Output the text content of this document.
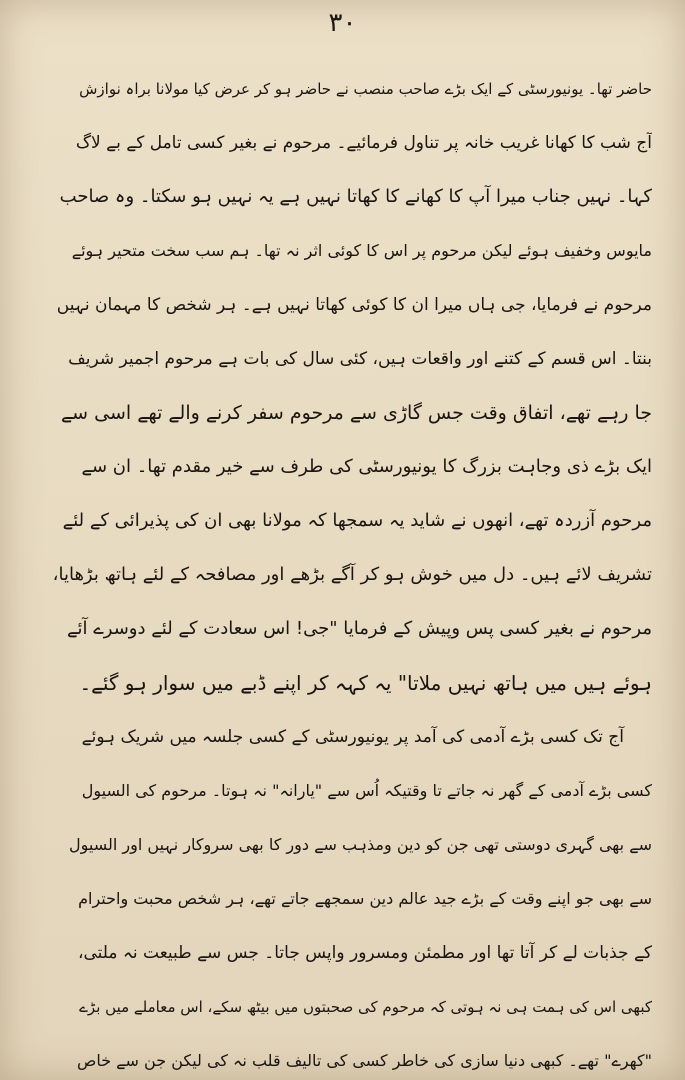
۳۰
حاضر تھا۔ یونیورسٹی کے ایک بڑے صاحب منصب نے حاضر ہو کر عرض کیا مولانا براہ نوازش
آج شب کا کھانا غریب خانہ پر تناول فرمائیے۔ مرحوم نے بغیر کسی تامل کے بے لاگ
کہا۔ نہیں جناب میرا آپ کا کھانے کا کھاتا نہیں ہے یہ نہیں ہو سکتا۔ وہ صاحب
مایوس وخفیف ہوئے لیکن مرحوم پر اس کا کوئی اثر نہ تھا۔ ہم سب سخت متحیر ہوئے
مرحوم نے فرمایا، جی ہاں میرا ان کا کوئی کھاتا نہیں ہے۔ ہر شخص کا مہمان نہیں
بنتا۔ اس قسم کے کتنے اور واقعات ہیں، کئی سال کی بات ہے مرحوم اجمیر شریف
جا رہے تھے، اتفاق وقت جس گاڑی سے مرحوم سفر کرنے والے تھے اسی سے
ایک بڑے ذی وجاہت بزرگ کا یونیورسٹی کی طرف سے خیر مقدم تھا۔ ان سے
مرحوم آزردہ تھے، انھوں نے شاید یہ سمجھا کہ مولانا بھی ان کی پذیرائی کے لئے
تشریف لائے ہیں۔ دل میں خوش ہو کر آگے بڑھے اور مصافحہ کے لئے ہاتھ بڑھایا،
مرحوم نے بغیر کسی پس وپیش کے فرمایا "جی! اس سعادت کے لئے دوسرے آئے
ہوئے ہیں میں ہاتھ نہیں ملاتا" یہ کہہ کر اپنے ڈبے میں سوار ہو گئے۔
آج تک کسی بڑے آدمی کی آمد پر یونیورسٹی کے کسی جلسہ میں شریک ہوئے
کسی بڑے آدمی کے گھر نہ جاتے تا وقتیکہ اُس سے "یارانہ" نہ ہوتا۔ مرحوم کی السیول
سے بھی گہری دوستی تھی جن کو دین ومذہب سے دور کا بھی سروکار نہیں اور السیول
سے بھی جو اپنے وقت کے بڑے جید عالم دین سمجھے جاتے تھے، ہر شخص محبت واحترام
کے جذبات لے کر آتا تھا اور مطمئن ومسرور واپس جاتا۔ جس سے طبیعت نہ ملتی،
کبھی اس کی ہمت ہی نہ ہوتی کہ مرحوم کی صحبتوں میں بیٹھ سکے، اس معاملے میں بڑے
"کھرے" تھے۔ کبھی دنیا سازی کی خاطر کسی کی تالیف قلب نہ کی لیکن جن سے خاص
